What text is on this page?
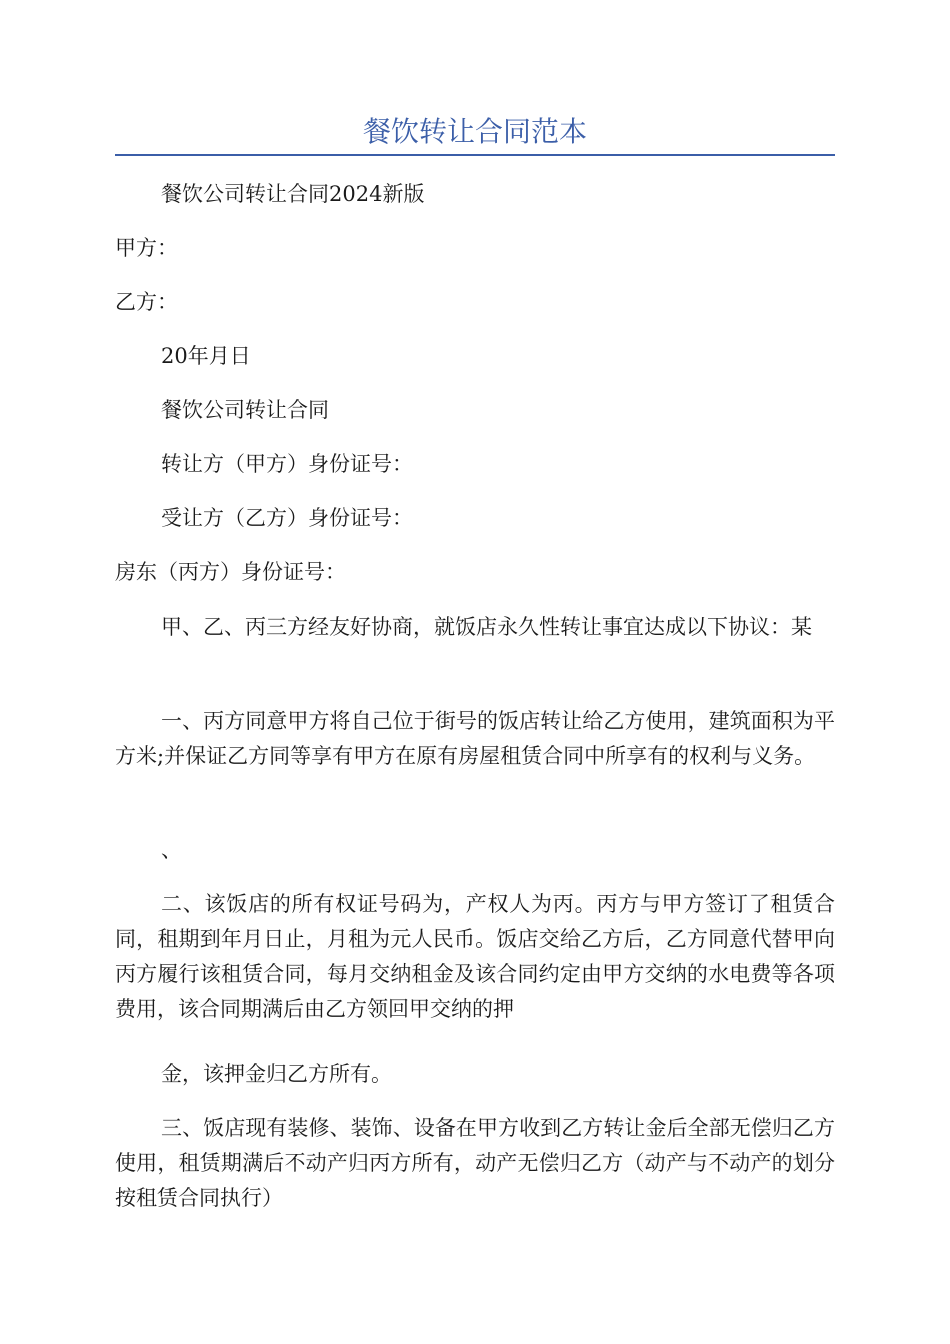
餐饮转让合同范本

餐饮公司转让合同2024新版

甲方：

乙方：

20年月日

餐饮公司转让合同

转让方（甲方）身份证号：

受让方（乙方）身份证号：

房东（丙方）身份证号：

甲、乙、丙三方经友好协商，就饭店永久性转让事宜达成以下协议：某

一、丙方同意甲方将自己位于街号的饭店转让给乙方使用，建筑面积为平方米;并保证乙方同等享有甲方在原有房屋租赁合同中所享有的权利与义务。

、

二、该饭店的所有权证号码为，产权人为丙。丙方与甲方签订了租赁合同，租期到年月日止，月租为元人民币。饭店交给乙方后，乙方同意代替甲向丙方履行该租赁合同，每月交纳租金及该合同约定由甲方交纳的水电费等各项费用，该合同期满后由乙方领回甲交纳的押

金，该押金归乙方所有。

三、饭店现有装修、装饰、设备在甲方收到乙方转让金后全部无偿归乙方使用，租赁期满后不动产归丙方所有，动产无偿归乙方（动产与不动产的划分按租赁合同执行）
